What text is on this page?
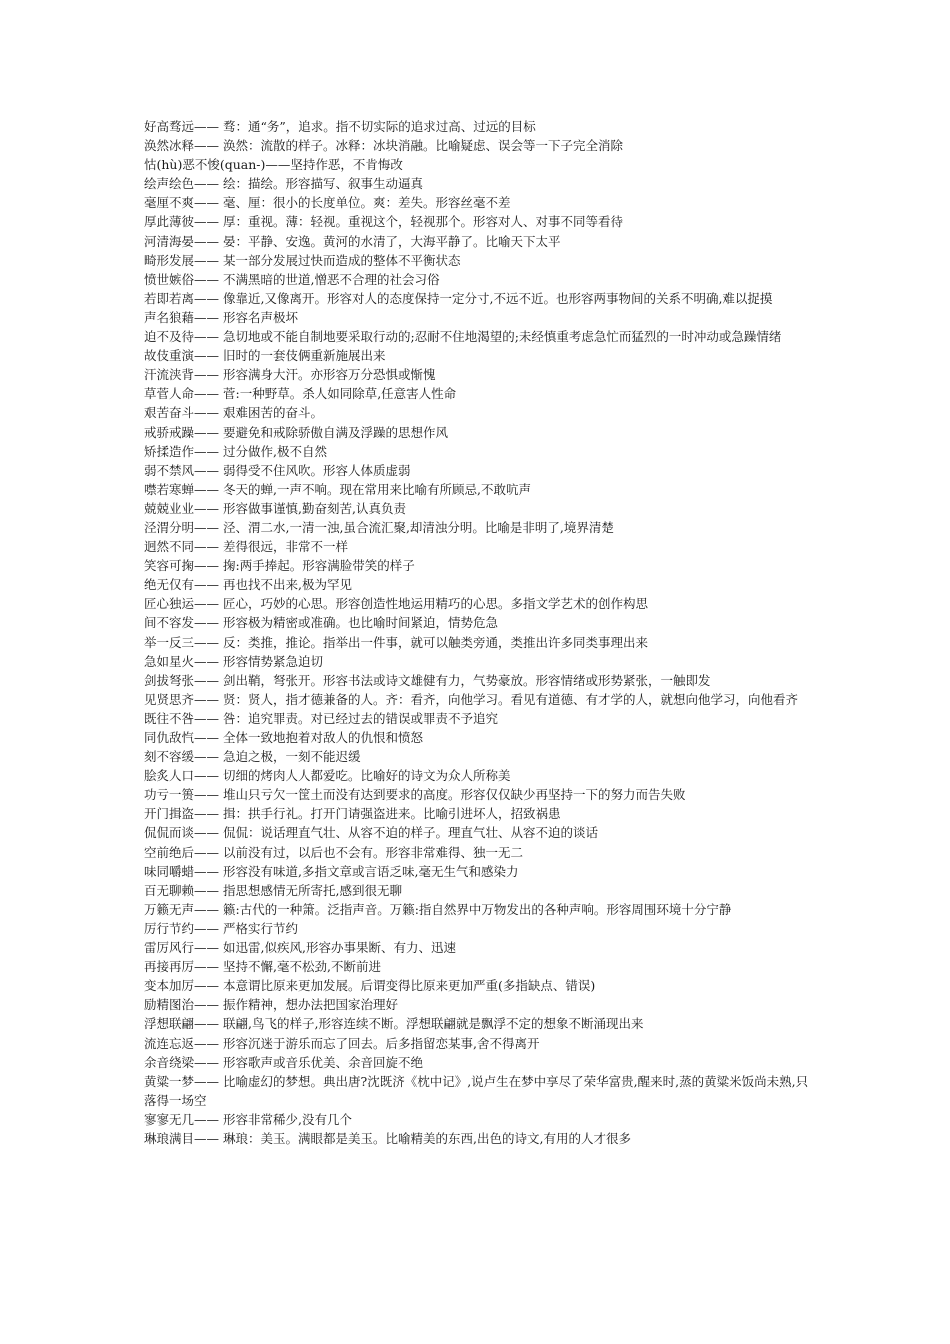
好高骛远—— 骛：通“务”，追求。指不切实际的追求过高、过远的目标

涣然冰释—— 涣然：流散的样子。冰释：冰块消融。比喻疑虑、误会等一下子完全消除

怙(hù)恶不悛(quan-)——坚持作恶，不肯悔改

绘声绘色—— 绘：描绘。形容描写、叙事生动逼真

毫厘不爽—— 毫、厘：很小的长度单位。爽：差失。形容丝毫不差

厚此薄彼—— 厚：重视。薄：轻视。重视这个，轻视那个。形容对人、对事不同等看待

河清海晏—— 晏：平静、安逸。黄河的水清了，大海平静了。比喻天下太平

畸形发展—— 某一部分发展过快而造成的整体不平衡状态

愤世嫉俗—— 不满黑暗的世道,憎恶不合理的社会习俗

若即若离—— 像靠近,又像离开。形容对人的态度保持一定分寸,不远不近。也形容两事物间的关系不明确,难以捉摸

声名狼藉—— 形容名声极坏

迫不及待—— 急切地或不能自制地要采取行动的;忍耐不住地渴望的;未经慎重考虑急忙而猛烈的一时冲动或急躁情绪

故伎重演—— 旧时的一套伎俩重新施展出来

汗流浃背—— 形容满身大汗。亦形容万分恐惧或惭愧

草菅人命—— 菅:一种野草。杀人如同除草,任意害人性命

艰苦奋斗—— 艰难困苦的奋斗。

戒骄戒躁—— 要避免和戒除骄傲自满及浮躁的思想作风

矫揉造作—— 过分做作,极不自然

弱不禁风—— 弱得受不住风吹。形容人体质虚弱

噤若寒蝉—— 冬天的蝉,一声不响。现在常用来比喻有所顾忌,不敢吭声

兢兢业业—— 形容做事谨慎,勤奋刻苦,认真负责

泾渭分明—— 泾、渭二水,一清一浊,虽合流汇聚,却清浊分明。比喻是非明了,境界清楚

迥然不同—— 差得很远，非常不一样

笑容可掬—— 掬:两手捧起。形容满脸带笑的样子

绝无仅有—— 再也找不出来,极为罕见

匠心独运—— 匠心，巧妙的心思。形容创造性地运用精巧的心思。多指文学艺术的创作构思

间不容发—— 形容极为精密或准确。也比喻时间紧迫，情势危急

举一反三—— 反：类推，推论。指举出一件事，就可以触类旁通，类推出许多同类事理出来

急如星火—— 形容情势紧急迫切

剑拔弩张—— 剑出鞘，弩张开。形容书法或诗文雄健有力，气势豪放。形容情绪或形势紧张，一触即发

见贤思齐—— 贤：贤人，指才德兼备的人。齐：看齐，向他学习。看见有道德、有才学的人，就想向他学习，向他看齐

既往不咎—— 咎：追究罪责。对已经过去的错误或罪责不予追究

同仇敌忾—— 全体一致地抱着对敌人的仇恨和愤怒

刻不容缓—— 急迫之极，一刻不能迟缓

脍炙人口—— 切细的烤肉人人都爱吃。比喻好的诗文为众人所称美

功亏一篑—— 堆山只亏欠一筐土而没有达到要求的高度。形容仅仅缺少再坚持一下的努力而告失败

开门揖盗—— 揖：拱手行礼。打开门请强盗进来。比喻引进坏人，招致祸患

侃侃而谈—— 侃侃：说话理直气壮、从容不迫的样子。理直气壮、从容不迫的谈话

空前绝后—— 以前没有过，以后也不会有。形容非常难得、独一无二

味同嚼蜡—— 形容没有味道,多指文章或言语乏味,毫无生气和感染力

百无聊赖—— 指思想感情无所寄托,感到很无聊

万籁无声—— 籁:古代的一种箫。泛指声音。万籁:指自然界中万物发出的各种声响。形容周围环境十分宁静

厉行节约—— 严格实行节约

雷厉风行—— 如迅雷,似疾风,形容办事果断、有力、迅速

再接再厉—— 坚持不懈,毫不松劲,不断前进

变本加厉—— 本意谓比原来更加发展。后谓变得比原来更加严重(多指缺点、错误)

励精图治—— 振作精神，想办法把国家治理好

浮想联翩—— 联翩,鸟飞的样子,形容连续不断。浮想联翩就是飘浮不定的想象不断涌现出来

流连忘返—— 形容沉迷于游乐而忘了回去。后多指留恋某事,舍不得离开

余音绕梁—— 形容歌声或音乐优美、余音回旋不绝

黄粱一梦—— 比喻虚幻的梦想。典出唐?沈既济《枕中记》,说卢生在梦中享尽了荣华富贵,醒来时,蒸的黄粱米饭尚未熟,只落得一场空

寥寥无几—— 形容非常稀少,没有几个

琳琅满目—— 琳琅：美玉。满眼都是美玉。比喻精美的东西,出色的诗文,有用的人才很多
